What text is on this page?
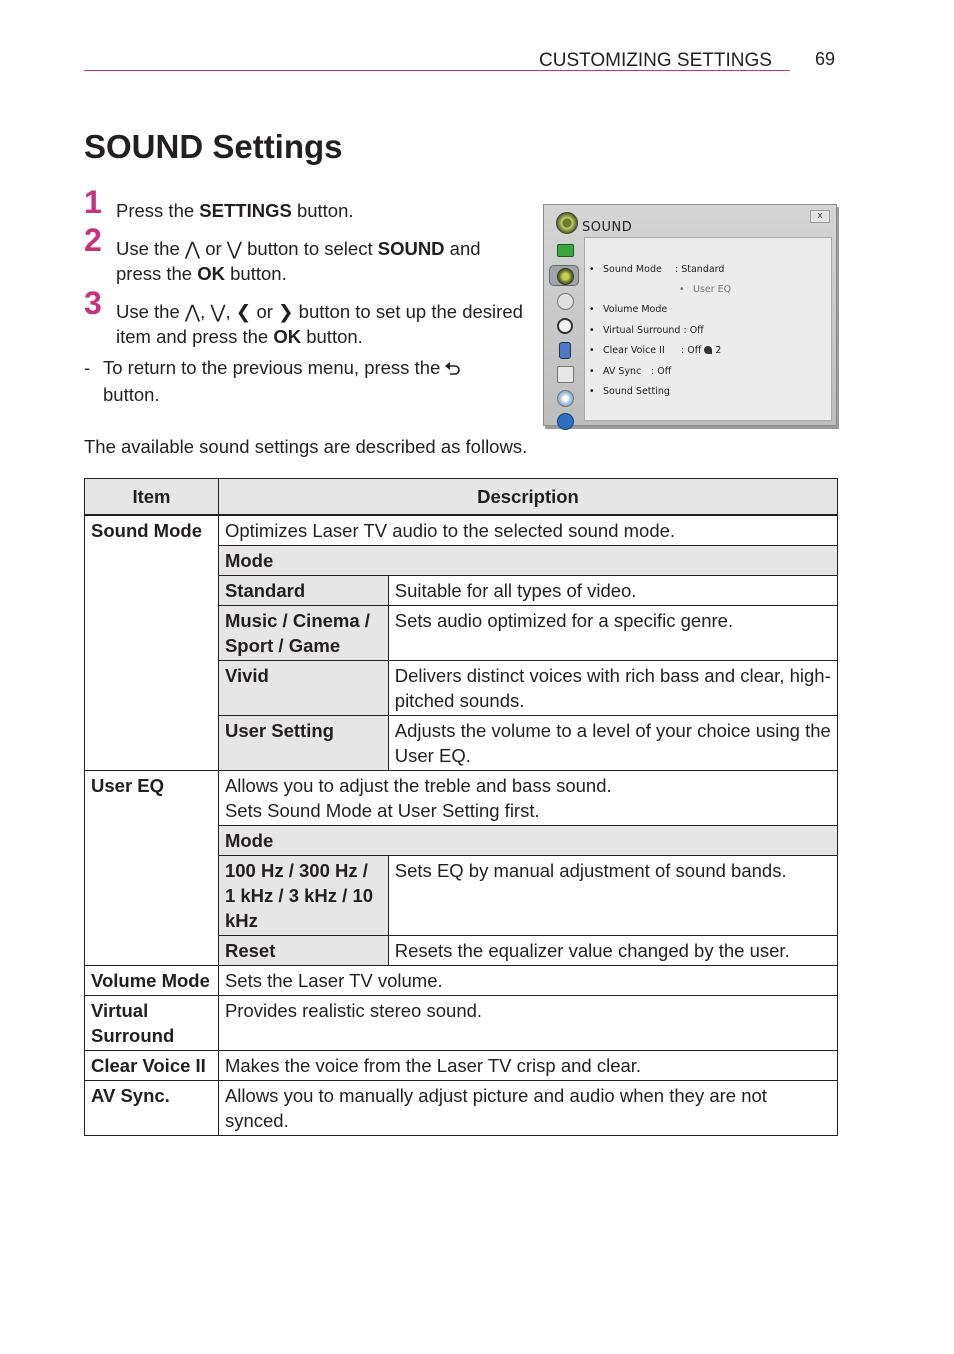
CUSTOMIZING SETTINGS 69
SOUND Settings
1 Press the SETTINGS button.
2 Use the ⋀ or ⋁ button to select SOUND and press the OK button.
3 Use the ⋀, ⋁, ❮ or ❯ button to set up the desired item and press the OK button.
- To return to the previous menu, press the
button.
The available sound settings are described as follows.
SOUND
x
• Sound Mode : Standard
• User EQ
• Volume Mode
• Virtual Surround : Off
• Clear Voice II : Off 2
• AV Sync : Off
• Sound Setting
Item	Description	
Sound Mode	Optimizes Laser TV audio to the selected sound mode.	
	Mode	
	Standard	Suitable for all types of video.
	Music / Cinema / Sport / Game	Sets audio optimized for a specific genre.
	Vivid	Delivers distinct voices with rich bass and clear, high-pitched sounds.
	User Setting	Adjusts the volume to a level of your choice using the User EQ.
User EQ	Allows you to adjust the treble and bass sound.
Sets Sound Mode at User Setting first.	
	Mode	
	100 Hz / 300 Hz / 1 kHz / 3 kHz / 10 kHz	Sets EQ by manual adjustment of sound bands.
	Reset	Resets the equalizer value changed by the user.
Volume Mode	Sets the Laser TV volume.	
Virtual Surround	Provides realistic stereo sound.	
Clear Voice II	Makes the voice from the Laser TV crisp and clear.	
AV Sync.	Allows you to manually adjust picture and audio when they are not synced.	
